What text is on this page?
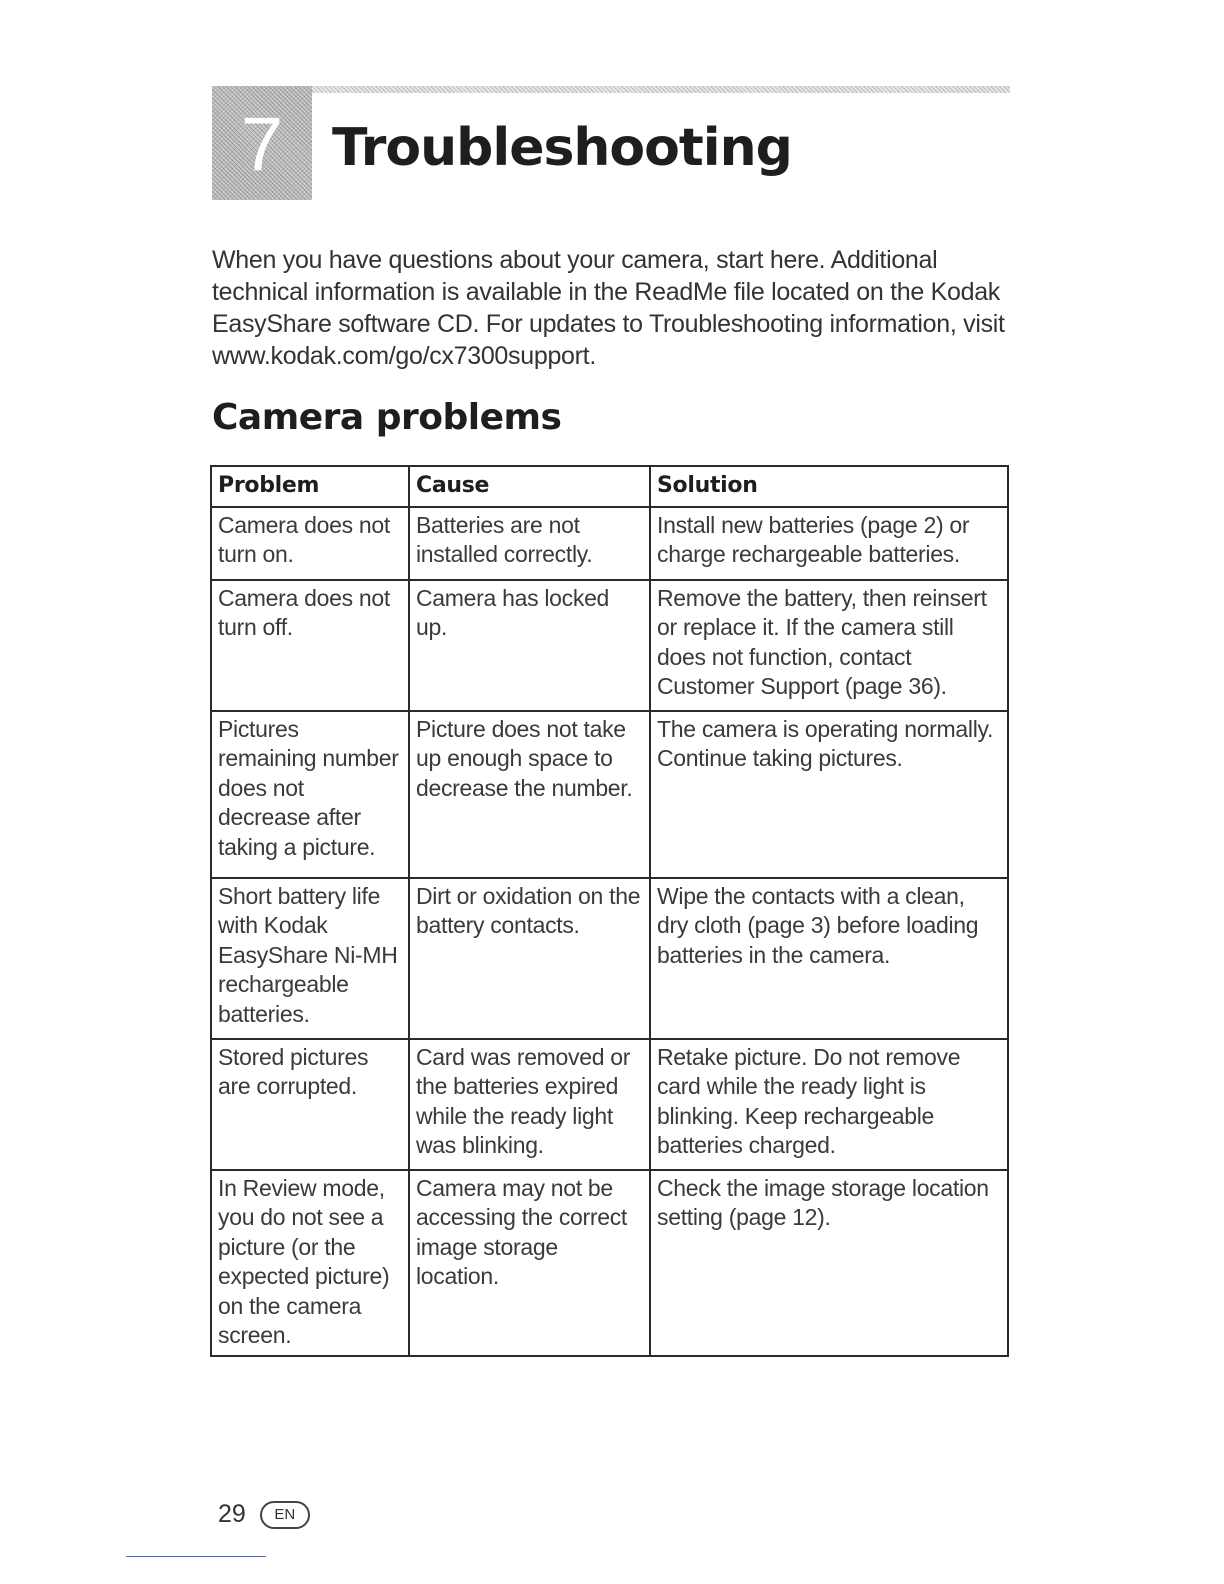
7 Troubleshooting

When you have questions about your camera, start here. Additional technical information is available in the ReadMe file located on the Kodak EasyShare software CD. For updates to Troubleshooting information, visit www.kodak.com/go/cx7300support.

Camera problems
Problem	Cause	Solution
Camera does not turn on.	Batteries are not installed correctly.	Install new batteries (page 2) or charge rechargeable batteries.
Camera does not turn off.	Camera has locked up.	Remove the battery, then reinsert or replace it. If the camera still does not function, contact Customer Support (page 36).
Pictures remaining number does not decrease after taking a picture.	Picture does not take up enough space to decrease the number.	The camera is operating normally. Continue taking pictures.
Short battery life with Kodak EasyShare Ni-MH rechargeable batteries.	Dirt or oxidation on the battery contacts.	Wipe the contacts with a clean, dry cloth (page 3) before loading batteries in the camera.
Stored pictures are corrupted.	Card was removed or the batteries expired while the ready light was blinking.	Retake picture. Do not remove card while the ready light is blinking. Keep rechargeable batteries charged.
In Review mode, you do not see a picture (or the expected picture) on the camera screen.	Camera may not be accessing the correct image storage location.	Check the image storage location setting (page 12).
29	EN
